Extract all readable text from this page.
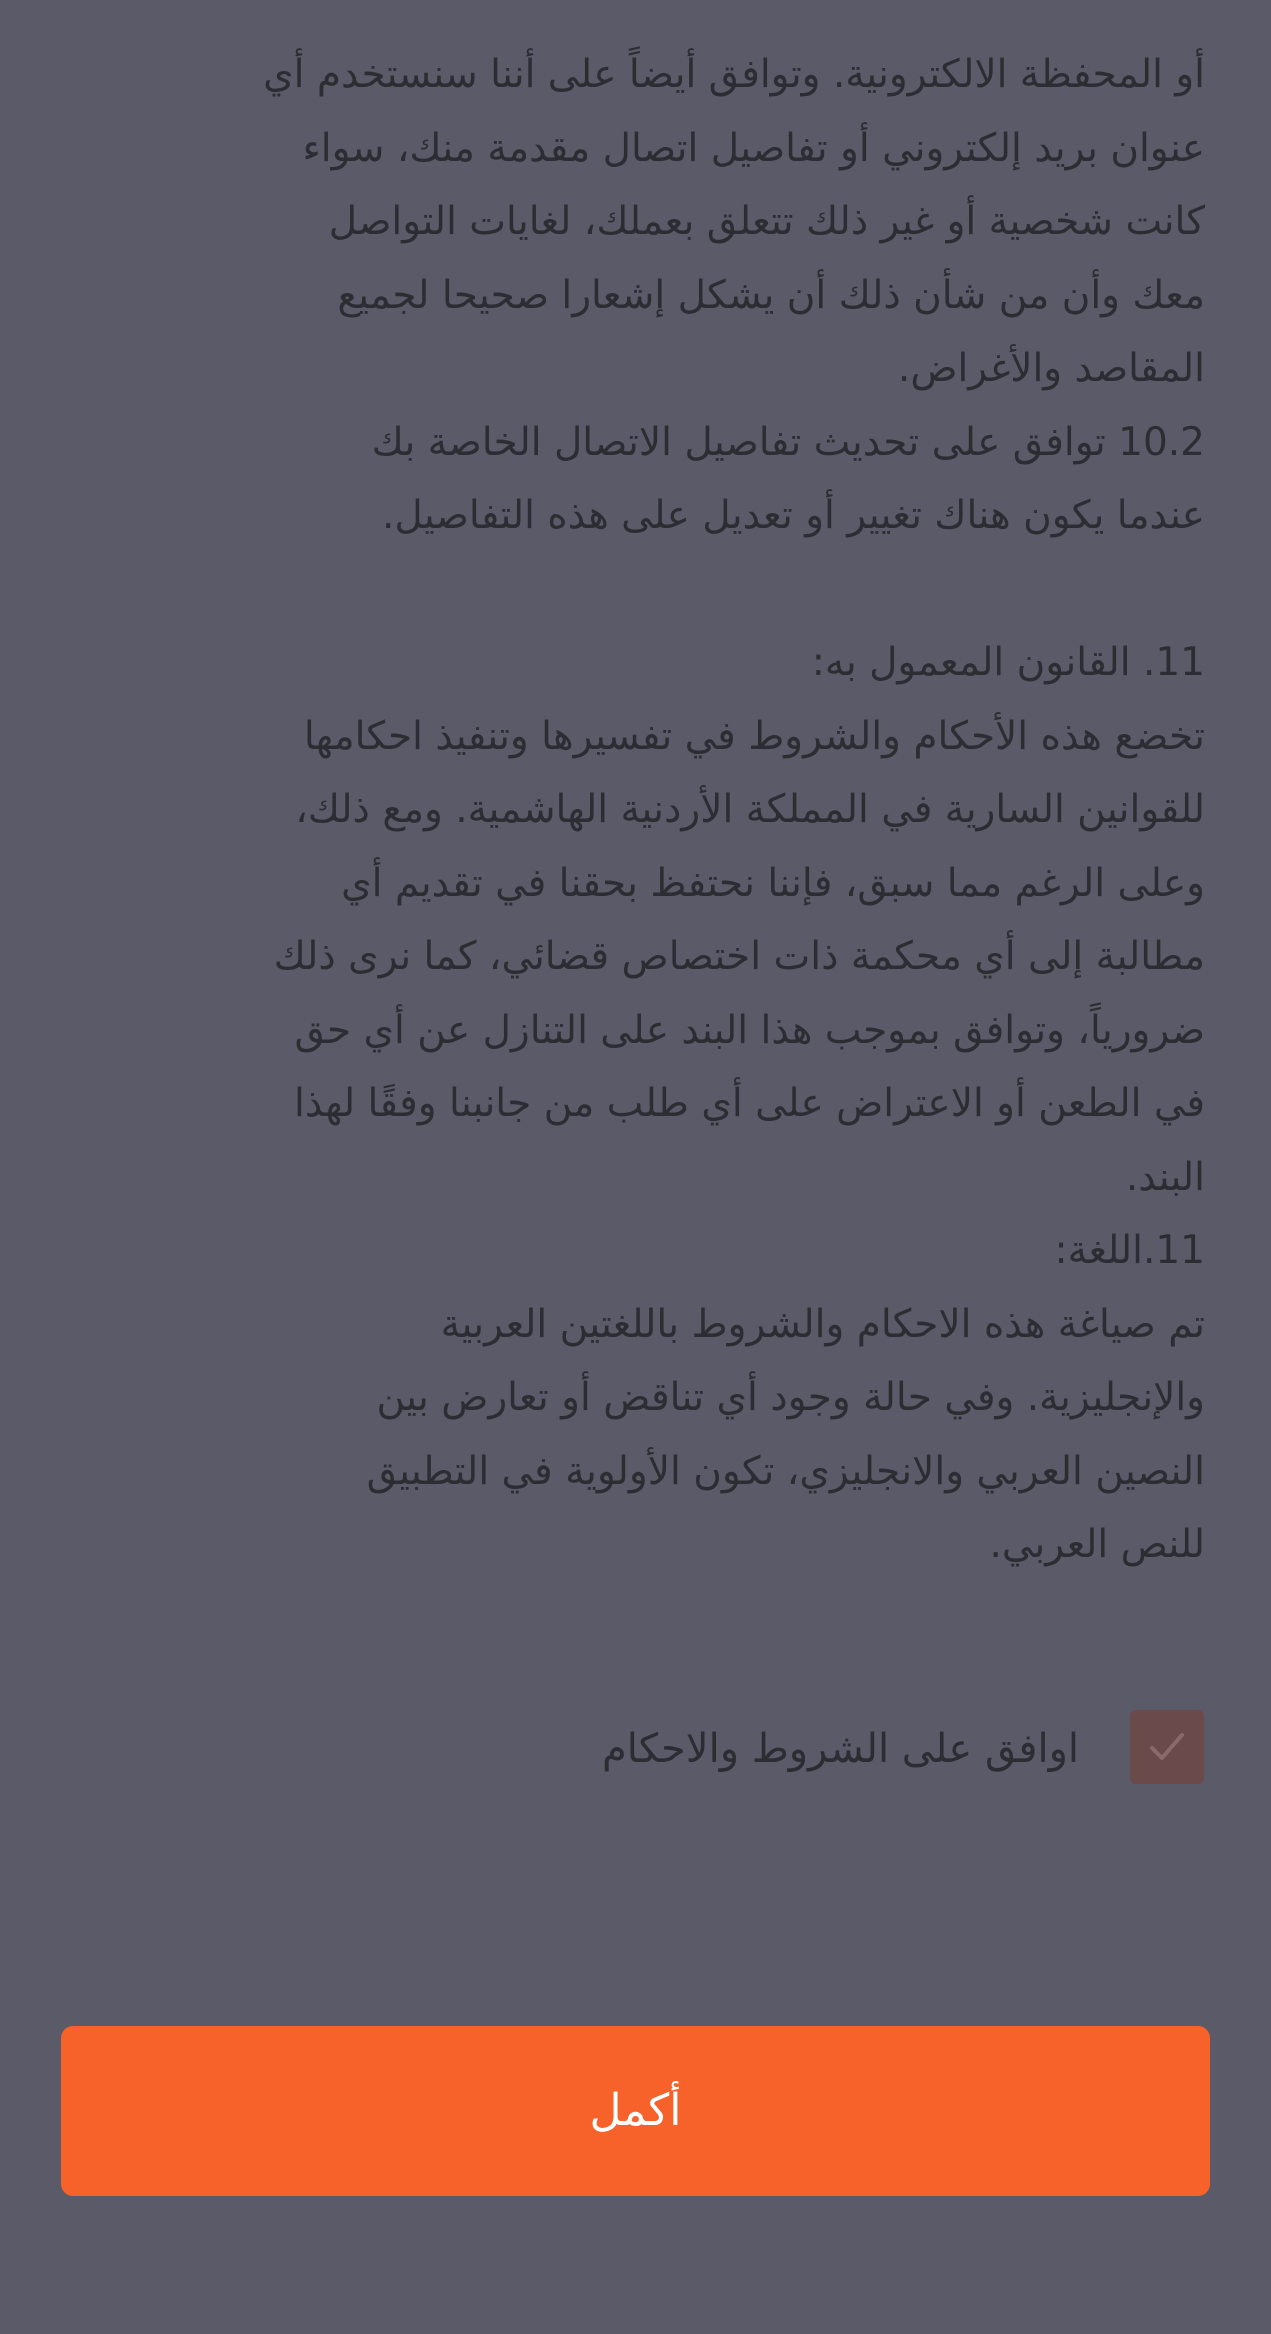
أو المحفظة الالكترونية. وتوافق أيضاً على أننا سنستخدم أي

عنوان بريد إلكتروني أو تفاصيل اتصال مقدمة منك، سواء

كانت شخصية أو غير ذلك تتعلق بعملك، لغايات التواصل

معك وأن من شأن ذلك أن يشكل إشعارا صحيحا لجميع

المقاصد والأغراض.

10.2 توافق على تحديث تفاصيل الاتصال الخاصة بك

عندما يكون هناك تغيير أو تعديل على هذه التفاصيل.

11. القانون المعمول به:

تخضع هذه الأحكام والشروط في تفسيرها وتنفيذ احكامها

للقوانين السارية في المملكة الأردنية الهاشمية. ومع ذلك،

وعلى الرغم مما سبق، فإننا نحتفظ بحقنا في تقديم أي

مطالبة إلى أي محكمة ذات اختصاص قضائي، كما نرى ذلك

ضرورياً، وتوافق بموجب هذا البند على التنازل عن أي حق

في الطعن أو الاعتراض على أي طلب من جانبنا وفقًا لهذا

البند.

11.اللغة:

تم صياغة هذه الاحكام والشروط باللغتين العربية

والإنجليزية. وفي حالة وجود أي تناقض أو تعارض بين

النصين العربي والانجليزي، تكون الأولوية في التطبيق

للنص العربي.

اوافق على الشروط والاحكام
أكمل
